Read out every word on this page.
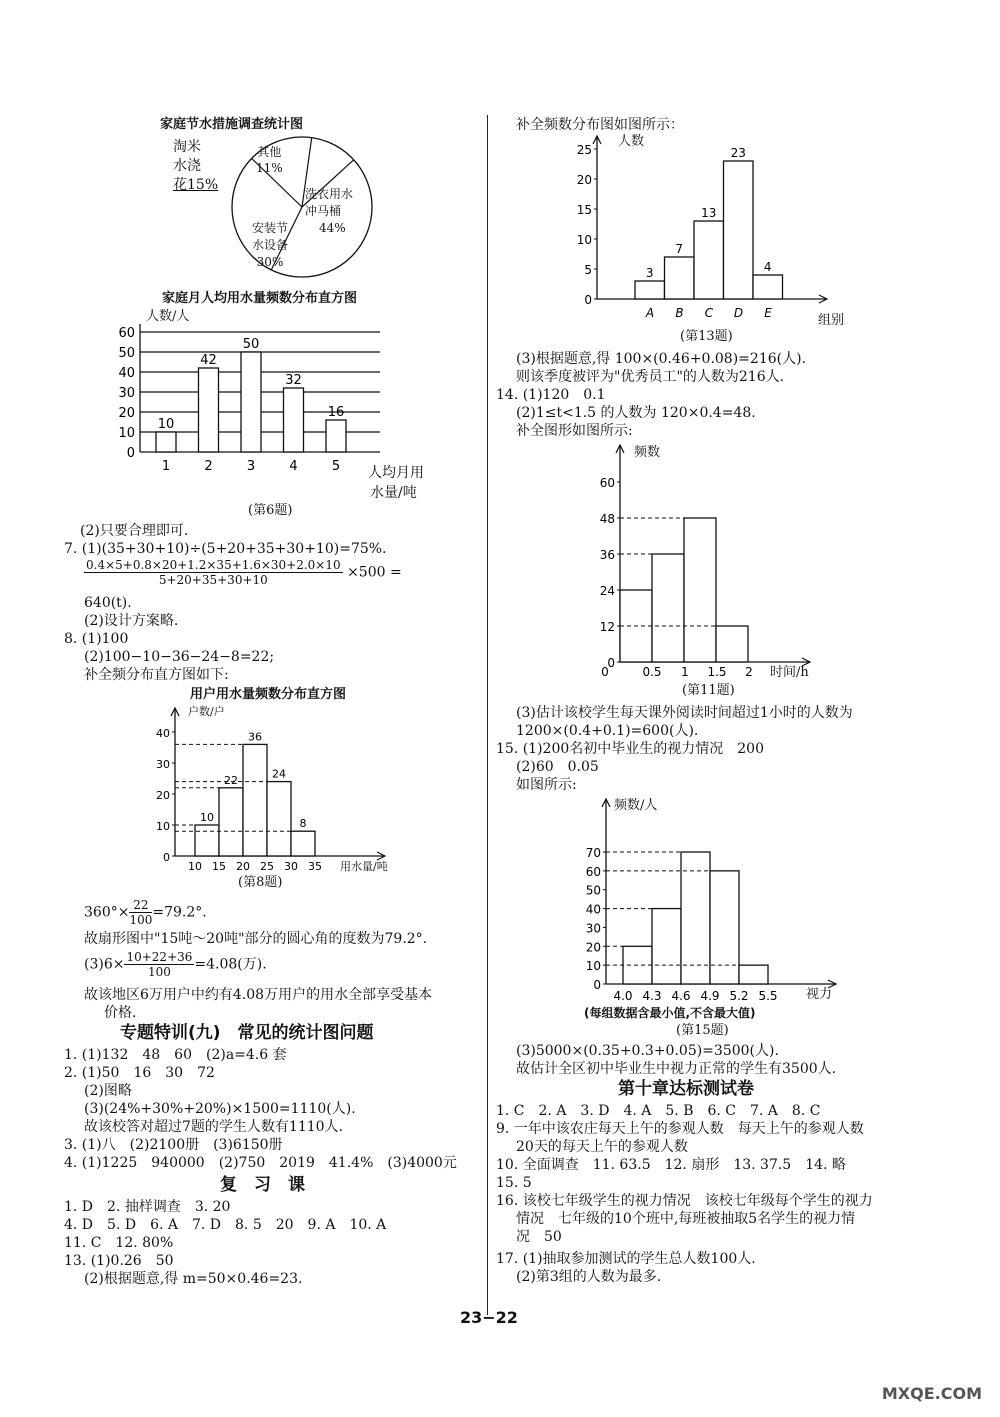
家庭节水措施调查统计图
淘米
水浇
花15%
其他
11%
洗衣用水
冲马桶
44%
安装节
水设备
30%
家庭月人均用水量频数分布直方图
0
10
20
30
40
50
60
10
42
50
32
16
1	2	3	4	5
人数/人
人均月用
水量/吨
(第6题)
(2)只要合理即可.
7. (1)(35+30+10)÷(5+20+35+30+10)=75%.
$\frac{0.4\times 5+0.8\times 20+1.2\times 35+1.6\times 30+2.0\times 10}{5+20+35+30+10} \times 500$ =
640(t).
(2)设计方案略.
8. (1)100
(2)100−10−36−24−8=22;
补全频分布直方图如下:
用户用水量频数分布直方图
0
10
20
30
40
10
22
36
24
8
10 15 20 25 30 35
户数/户
用水量/吨
(第8题)
$360^\circ\times \frac{22}{100} =79.2^\circ$.
故扇形图中"15吨～20吨"部分的圆心角的度数为79.2°.
$(3)6\times \frac{10+22+36}{100} =4.08$(万).
故该地区6万用户中约有4.08万用户的用水全部享受基本
价格.
专题特训(九)　常见的统计图问题
1. (1)132　48　60　(2)a=4.6 套
2. (1)50　16　30　72
(2)图略
(3)(24%+30%+20%)×1500=1110(人).
故该校答对超过7题的学生人数有1110人.
3. (1)八　(2)2100册　(3)6150册
4. (1)1225　940000　(2)750　2019　41.4%　(3)4000元
复　习　课
1. D　2. 抽样调查　3. 20
4. D　5. D　6. A　7. D　8. 5　20　9. A　10. A
11. C　12. 80%
13. (1)0.26　50
(2)根据题意,得 m=50×0.46=23.
补全频数分布图如图所示：
0
5
10
15
20
25
3
7
13
23
4
A B C D E
人数
组别
(第13题)
(3)根据题意,得 100×(0.46+0.08)=216(人).
则该季度被评为"优秀员工"的人数为216人.
14. (1)120　0.1
(2)1≤t<1.5 的人数为 120×0.4=48.
补全图形如图所示:
0
12
24
36
48
60
0	0.5 1 1.5 2
频数
时间/h
(第11题)
(3)估计该校学生每天课外阅读时间超过1小时的人数为
1200×(0.4+0.1)=600(人).
15. (1)200名初中毕业生的视力情况　200
(2)60　0.05
如图所示:
0
10
20
30
40
50
60
70
4.0 4.3 4.6 4.9 5.2 5.5
频数/人
视力
(每组数据含最小值,不含最大值)
(第15题)
(3)5000×(0.35+0.3+0.05)=3500(人).
故估计全区初中毕业生中视力正常的学生有3500人.
第十章达标测试卷
1. C　2. A　3. D　4. A　5. B　6. C　7. A　8. C
9. 一年中该农庄每天上午的参观人数　每天上午的参观人数
20天的每天上午的参观人数
10. 全面调查　11. 63.5　12. 扇形　13. 37.5　14. 略
15. 5
16. 该校七年级学生的视力情况　该校七年级每个学生的视力
情况　七年级的10个班中,每班被抽取5名学生的视力情
况　50
17. (1)抽取参加测试的学生总人数100人.
(2)第3组的人数为最多.
23−22
MXQE.COM
